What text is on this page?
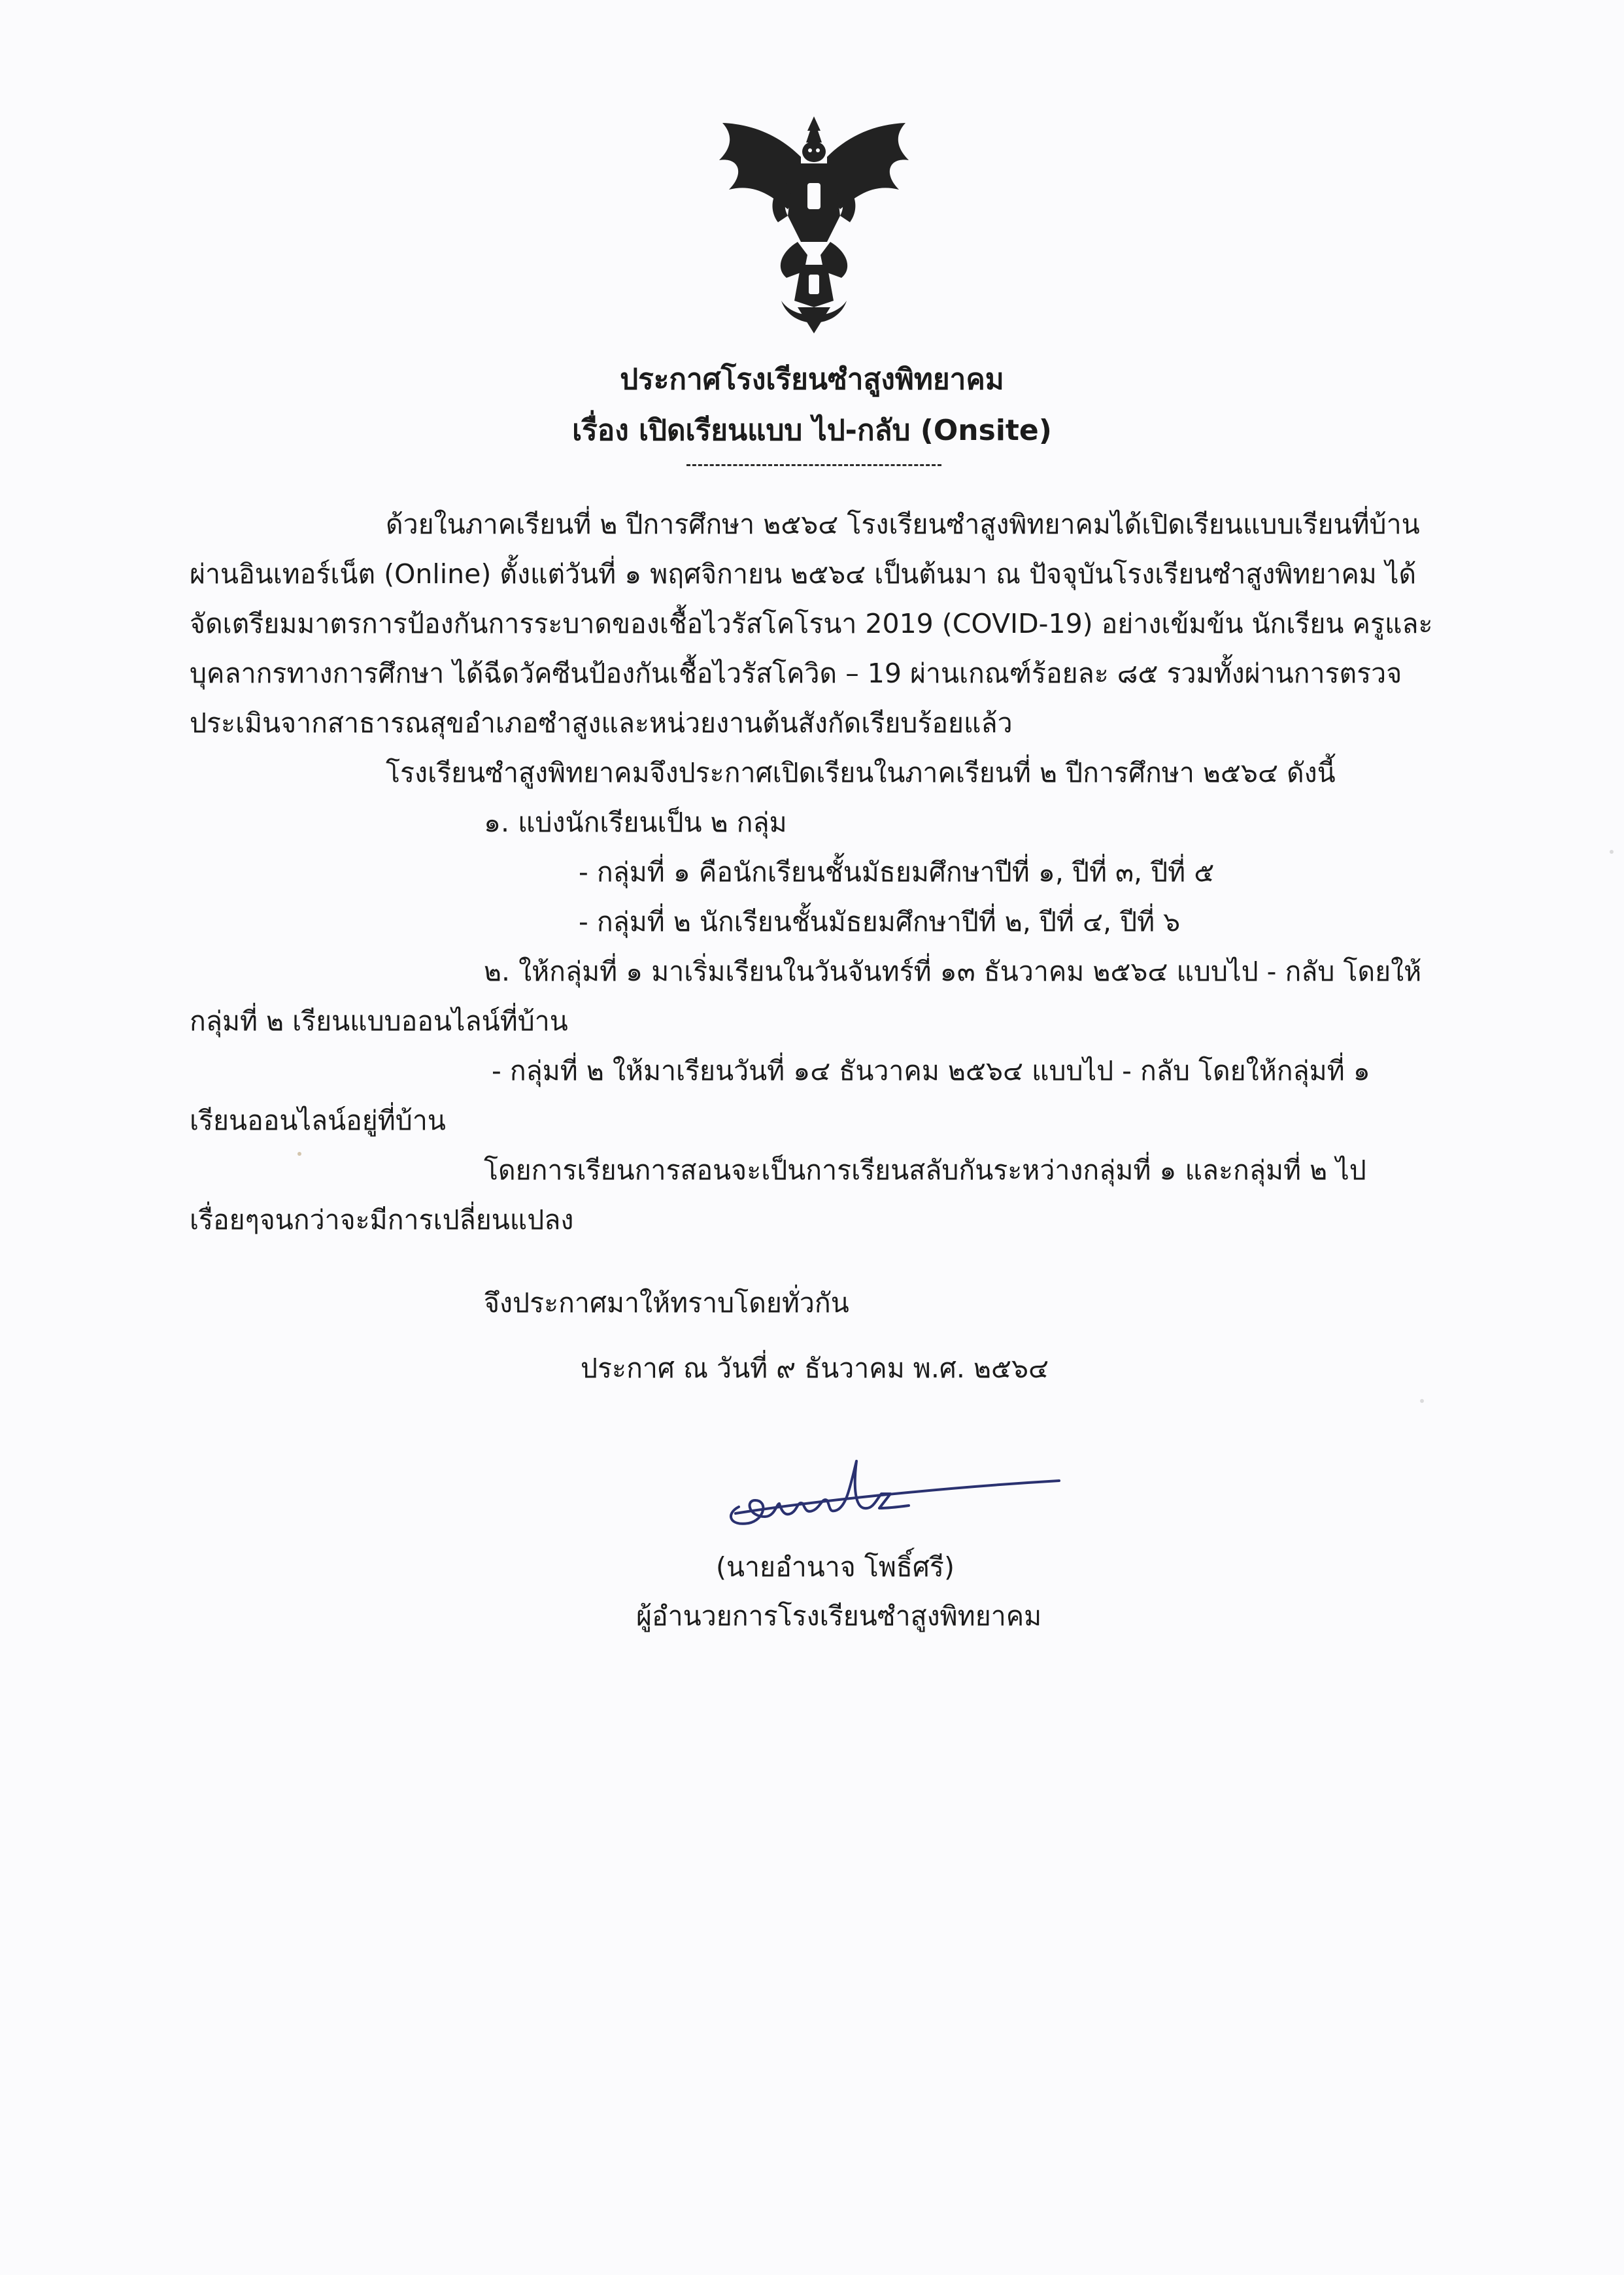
ประกาศโรงเรียนซำสูงพิทยาคม
เรื่อง เปิดเรียนแบบ ไป-กลับ (Onsite)
ด้วยในภาคเรียนที่ ๒ ปีการศึกษา ๒๕๖๔ โรงเรียนซำสูงพิทยาคมได้เปิดเรียนแบบเรียนที่บ้าน
ผ่านอินเทอร์เน็ต (Online) ตั้งแต่วันที่ ๑ พฤศจิกายน ๒๕๖๔ เป็นต้นมา ณ ปัจจุบันโรงเรียนซำสูงพิทยาคม ได้
จัดเตรียมมาตรการป้องกันการระบาดของเชื้อไวรัสโคโรนา 2019 (COVID-19) อย่างเข้มข้น นักเรียน ครูและ
บุคลากรทางการศึกษา ได้ฉีดวัคซีนป้องกันเชื้อไวรัสโควิด – 19 ผ่านเกณฑ์ร้อยละ ๘๕ รวมทั้งผ่านการตรวจ
ประเมินจากสาธารณสุขอำเภอซำสูงและหน่วยงานต้นสังกัดเรียบร้อยแล้ว
โรงเรียนซำสูงพิทยาคมจึงประกาศเปิดเรียนในภาคเรียนที่ ๒ ปีการศึกษา ๒๕๖๔ ดังนี้
๑. แบ่งนักเรียนเป็น ๒ กลุ่ม
- กลุ่มที่ ๑ คือนักเรียนชั้นมัธยมศึกษาปีที่ ๑, ปีที่ ๓, ปีที่ ๕
- กลุ่มที่ ๒ นักเรียนชั้นมัธยมศึกษาปีที่ ๒, ปีที่ ๔, ปีที่ ๖
๒. ให้กลุ่มที่ ๑ มาเริ่มเรียนในวันจันทร์ที่ ๑๓ ธันวาคม ๒๕๖๔ แบบไป - กลับ โดยให้
กลุ่มที่ ๒ เรียนแบบออนไลน์ที่บ้าน
- กลุ่มที่ ๒ ให้มาเรียนวันที่ ๑๔ ธันวาคม ๒๕๖๔ แบบไป - กลับ โดยให้กลุ่มที่ ๑
เรียนออนไลน์อยู่ที่บ้าน
โดยการเรียนการสอนจะเป็นการเรียนสลับกันระหว่างกลุ่มที่ ๑ และกลุ่มที่ ๒ ไป
เรื่อยๆจนกว่าจะมีการเปลี่ยนแปลง
จึงประกาศมาให้ทราบโดยทั่วกัน
ประกาศ ณ วันที่ ๙ ธันวาคม พ.ศ. ๒๕๖๔
(นายอำนาจ โพธิ์ศรี)
ผู้อำนวยการโรงเรียนซำสูงพิทยาคม
